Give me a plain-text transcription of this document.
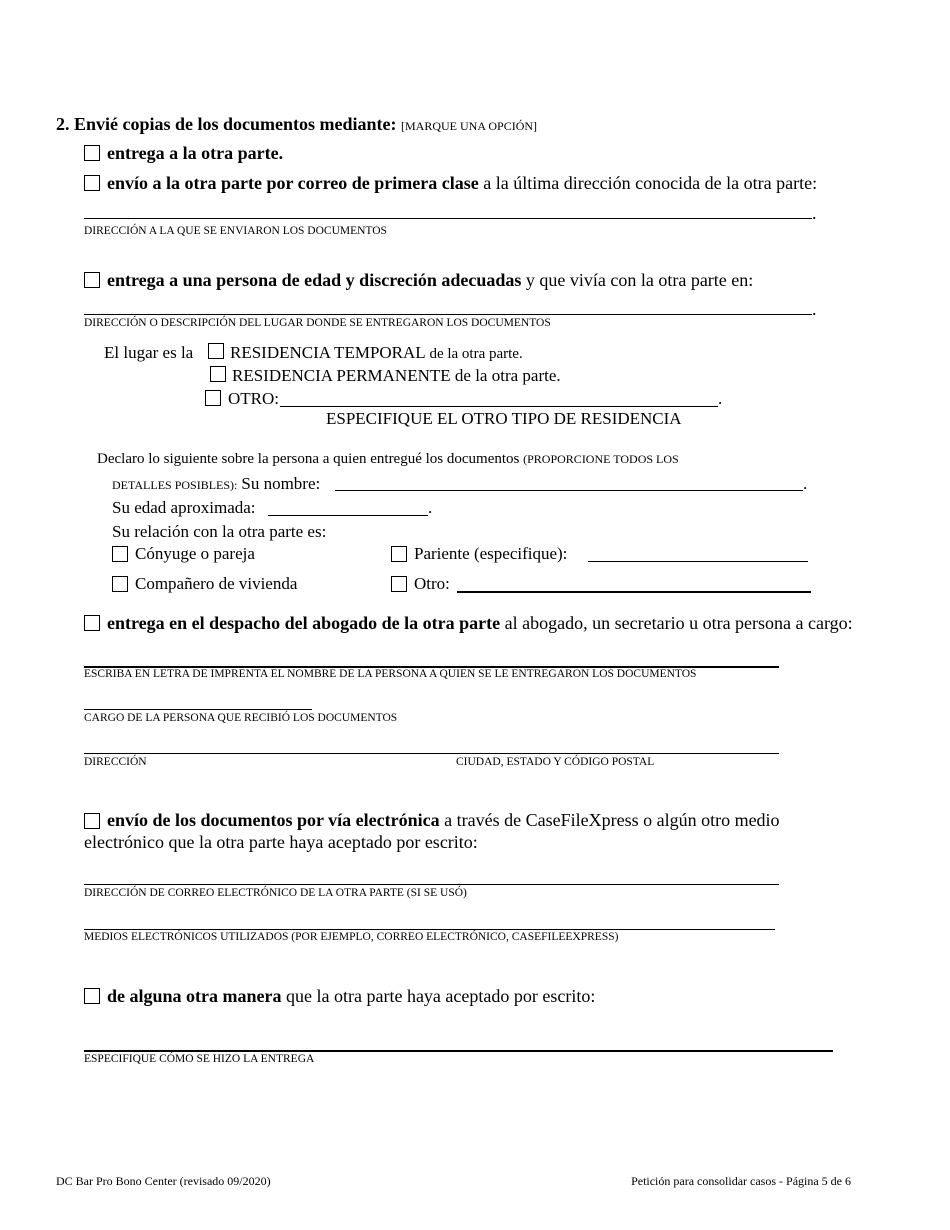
2. Envié copias de los documentos mediante: [MARQUE UNA OPCIÓN]
entrega a la otra parte.
envío a la otra parte por correo de primera clase a la última dirección conocida de la otra parte:
.
DIRECCIÓN A LA QUE SE ENVIARON LOS DOCUMENTOS
entrega a una persona de edad y discreción adecuadas y que vivía con la otra parte en:
.
DIRECCIÓN O DESCRIPCIÓN DEL LUGAR DONDE SE ENTREGARON LOS DOCUMENTOS
El lugar es la RESIDENCIA TEMPORAL de la otra parte.
RESIDENCIA PERMANENTE de la otra parte.
OTRO:	.
ESPECIFIQUE EL OTRO TIPO DE RESIDENCIA
Declaro lo siguiente sobre la persona a quien entregué los documentos (PROPORCIONE TODOS LOS
DETALLES POSIBLES): Su nombre:	.
Su edad aproximada:	.
Su relación con la otra parte es:
Cónyuge o pareja	Pariente (especifique):
Compañero de vivienda	Otro:
entrega en el despacho del abogado de la otra parte al abogado, un secretario u otra persona a cargo:
ESCRIBA EN LETRA DE IMPRENTA EL NOMBRE DE LA PERSONA A QUIEN SE LE ENTREGARON LOS DOCUMENTOS
CARGO DE LA PERSONA QUE RECIBIÓ LOS DOCUMENTOS
DIRECCIÓN	CIUDAD, ESTADO Y CÓDIGO POSTAL
envío de los documentos por vía electrónica a través de CaseFileXpress o algún otro medio
electrónico que la otra parte haya aceptado por escrito:
DIRECCIÓN DE CORREO ELECTRÓNICO DE LA OTRA PARTE (SI SE USÓ)
MEDIOS ELECTRÓNICOS UTILIZADOS (POR EJEMPLO, CORREO ELECTRÓNICO, CASEFILEEXPRESS)
de alguna otra manera que la otra parte haya aceptado por escrito:
ESPECIFIQUE CÓMO SE HIZO LA ENTREGA
DC Bar Pro Bono Center (revisado 09/2020)	Petición para consolidar casos - Página 5 de 6
